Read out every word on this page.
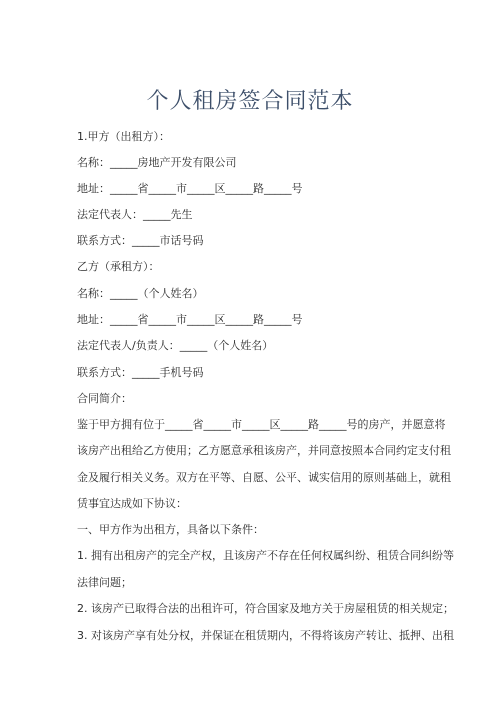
个人租房签合同范本
1.甲方（出租方）：
名称：_____房地产开发有限公司
地址：_____省_____市_____区_____路_____号
法定代表人：_____先生
联系方式：_____市话号码
乙方（承租方）：
名称：_____（个人姓名）
地址：_____省_____市_____区_____路_____号
法定代表人/负责人：_____（个人姓名）
联系方式：_____手机号码
合同简介：
鉴于甲方拥有位于_____省_____市_____区_____路_____号的房产，并愿意将
该房产出租给乙方使用；乙方愿意承租该房产，并同意按照本合同约定支付租
金及履行相关义务。双方在平等、自愿、公平、诚实信用的原则基础上，就租
赁事宜达成如下协议：
一、甲方作为出租方，具备以下条件：
1. 拥有出租房产的完全产权，且该房产不存在任何权属纠纷、租赁合同纠纷等
法律问题；
2. 该房产已取得合法的出租许可，符合国家及地方关于房屋租赁的相关规定；
3. 对该房产享有处分权，并保证在租赁期内，不得将该房产转让、抵押、出租
